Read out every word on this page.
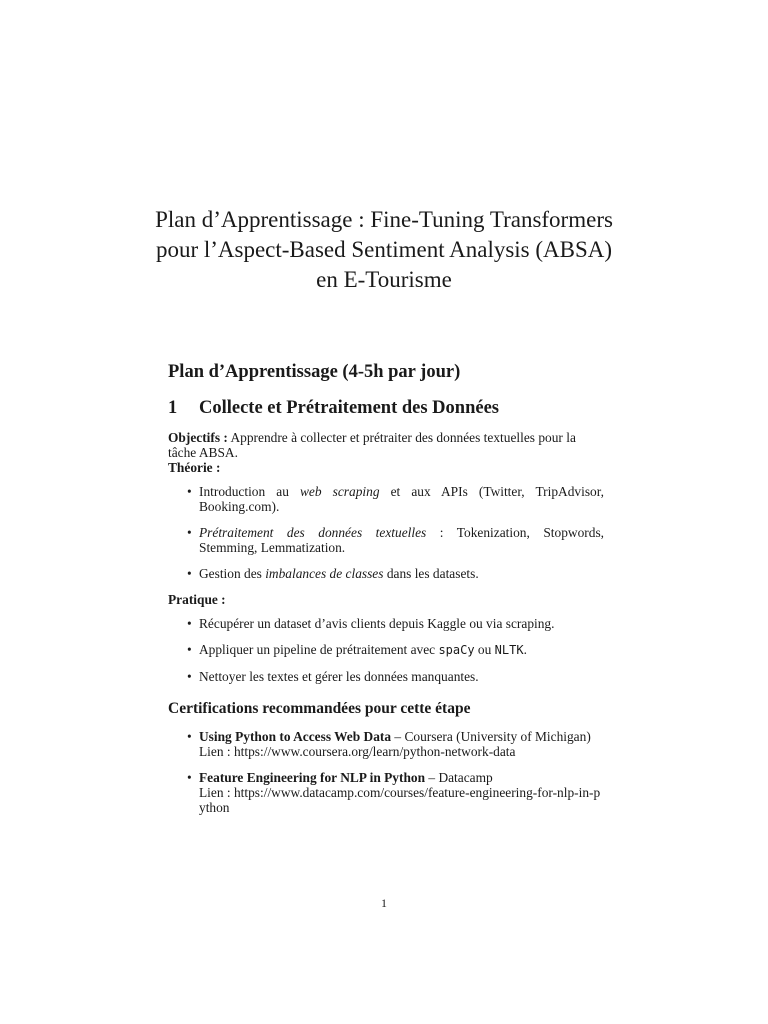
Plan d’Apprentissage : Fine-Tuning Transformers
pour l’Aspect-Based Sentiment Analysis (ABSA)
en E-Tourisme
Plan d’Apprentissage (4-5h par jour)
1	Collecte et Prétraitement des Données

Objectifs : Apprendre à collecter et prétraiter des données textuelles pour la tâche ABSA.

Théorie :

• Introduction au web scraping et aux APIs (Twitter, TripAdvisor, Booking.com).
• Prétraitement des données textuelles : Tokenization, Stopwords, Stemming, Lemmatization.
• Gestion des imbalances de classes dans les datasets.

Pratique :

• Récupérer un dataset d’avis clients depuis Kaggle ou via scraping.
• Appliquer un pipeline de prétraitement avec spaCy ou NLTK.
• Nettoyer les textes et gérer les données manquantes.
Certifications recommandées pour cette étape
• Using Python to Access Web Data – Coursera (University of Michigan)
Lien : https://www.coursera.org/learn/python-network-data
• Feature Engineering for NLP in Python – Datacamp
Lien : https://www.datacamp.com/courses/feature-engineering-for-nlp-in-python
1
